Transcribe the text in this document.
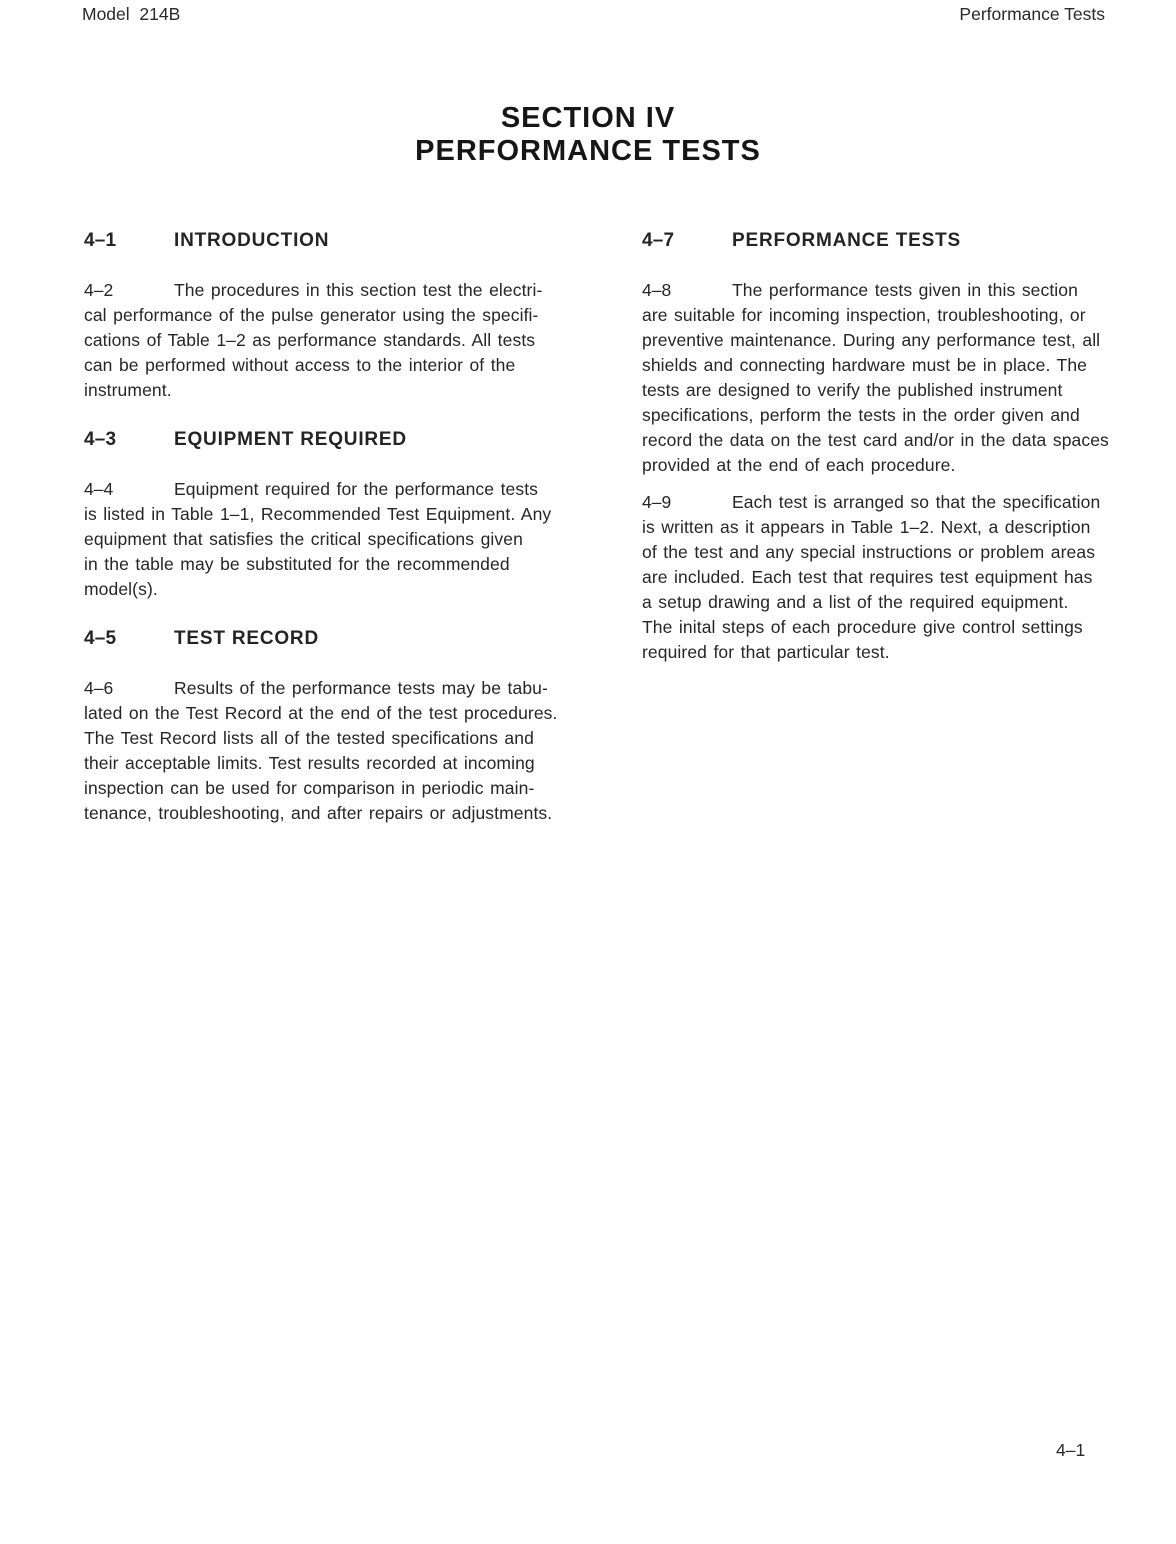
Model  214B	Performance Tests
SECTION IV
PERFORMANCE TESTS
4–1	INTRODUCTION
4–2	The procedures in this section test the electri-
cal performance of the pulse generator using the specifi-
cations of Table 1–2 as performance standards. All tests
can be performed without access to the interior of the
instrument.
4–3	EQUIPMENT REQUIRED
4–4	Equipment required for the performance tests
is listed in Table 1–1, Recommended Test Equipment. Any
equipment that satisfies the critical specifications given
in the table may be substituted for the recommended
model(s).
4–5	TEST RECORD
4–6	Results of the performance tests may be tabu-
lated on the Test Record at the end of the test procedures.
The Test Record lists all of the tested specifications and
their acceptable limits. Test results recorded at incoming
inspection can be used for comparison in periodic main-
tenance, troubleshooting, and after repairs or adjustments.
4–7	PERFORMANCE TESTS
4–8	The performance tests given in this section
are suitable for incoming inspection, troubleshooting, or
preventive maintenance. During any performance test, all
shields and connecting hardware must be in place. The
tests are designed to verify the published instrument
specifications, perform the tests in the order given and
record the data on the test card and/or in the data spaces
provided at the end of each procedure.
4–9	Each test is arranged so that the specification
is written as it appears in Table 1–2. Next, a description
of the test and any special instructions or problem areas
are included. Each test that requires test equipment has
a setup drawing and a list of the required equipment.
The inital steps of each procedure give control settings
required for that particular test.
4–1
